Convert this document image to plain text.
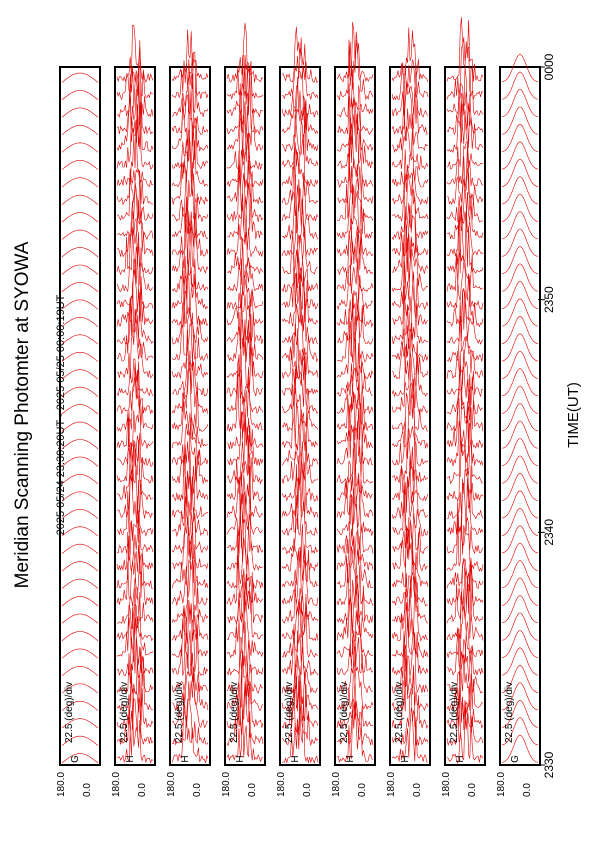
Meridian Scanning Photomter at SYOWA 2025 05/24 23:30:20UT - 2025 05/25 00:00:19UT	TIME(UT)
180.0 0.0
G
22.5 (deg)/div
180.0 0.0
H
22.5 (deg)/div
180.0 0.0
H
22.5 (deg)/div
180.0 0.0
H
22.5 (deg)/div
180.0 0.0
H
22.5 (deg)/div
180.0 0.0
H
22.5 (deg)/div
180.0 0.0
H
22.5 (deg)/div
180.0 0.0
H
22.5 (deg)/div
180.0 0.0
G
22.5 (deg)/div
2330
2340
2350
0000
